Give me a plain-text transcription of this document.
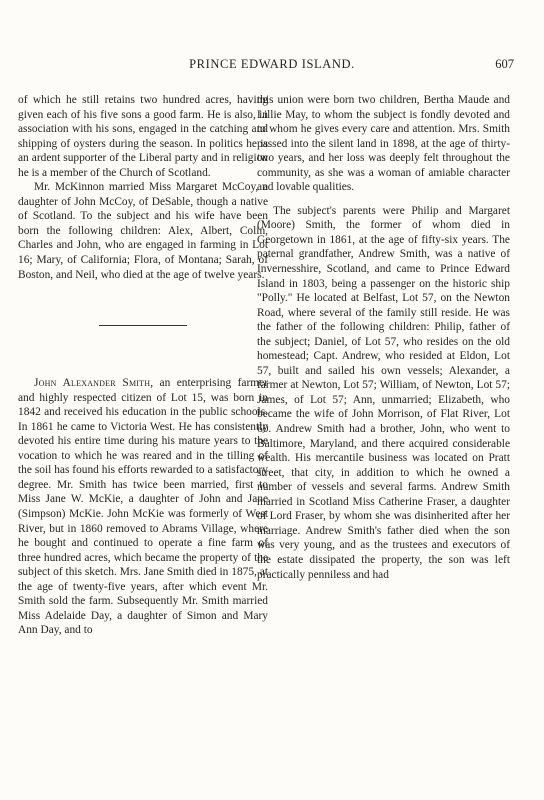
PRINCE EDWARD ISLAND.	607

of which he still retains two hundred acres, having given each of his five sons a good farm. He is also, in association with his sons, engaged in the catching and shipping of oysters during the season. In politics he is an ardent supporter of the Liberal party and in religion he is a member of the Church of Scotland.

Mr. McKinnon married Miss Margaret McCoy, a daughter of John McCoy, of DeSable, though a native of Scotland. To the subject and his wife have been born the following children: Alex, Albert, Colin, Charles and John, who are engaged in farming in Lot 16; Mary, of California; Flora, of Montana; Sarah, of Boston, and Neil, who died at the age of twelve years.

John Alexander Smith, an enterprising farmer and highly respected citizen of Lot 15, was born in 1842 and received his education in the public schools. In 1861 he came to Victoria West. He has consistently devoted his entire time during his mature years to the vocation to which he was reared and in the tilling of the soil has found his efforts rewarded to a satisfactory degree. Mr. Smith has twice been married, first to Miss Jane W. McKie, a daughter of John and Jane (Simpson) McKie. John McKie was formerly of West River, but in 1860 removed to Abrams Village, where he bought and continued to operate a fine farm of three hundred acres, which became the property of the subject of this sketch. Mrs. Jane Smith died in 1875, at the age of twenty-five years, after which event Mr. Smith sold the farm. Subsequently Mr. Smith married Miss Adelaide Day, a daughter of Simon and Mary Ann Day, and to

this union were born two children, Bertha Maude and Lillie May, to whom the subject is fondly devoted and to whom he gives every care and attention. Mrs. Smith passed into the silent land in 1898, at the age of thirty-two years, and her loss was deeply felt throughout the community, as she was a woman of amiable character and lovable qualities.

The subject's parents were Philip and Margaret (Moore) Smith, the former of whom died in Georgetown in 1861, at the age of fifty-six years. The paternal grandfather, Andrew Smith, was a native of Invernesshire, Scotland, and came to Prince Edward Island in 1803, being a passenger on the historic ship "Polly." He located at Belfast, Lot 57, on the Newton Road, where several of the family still reside. He was the father of the following children: Philip, father of the subject; Daniel, of Lot 57, who resides on the old homestead; Capt. Andrew, who resided at Eldon, Lot 57, built and sailed his own vessels; Alexander, a farmer at Newton, Lot 57; William, of Newton, Lot 57; James, of Lot 57; Ann, unmarried; Elizabeth, who became the wife of John Morrison, of Flat River, Lot 60. Andrew Smith had a brother, John, who went to Baltimore, Maryland, and there acquired considerable wealth. His mercantile business was located on Pratt street, that city, in addition to which he owned a number of vessels and several farms. Andrew Smith married in Scotland Miss Catherine Fraser, a daughter of Lord Fraser, by whom she was disinherited after her marriage. Andrew Smith's father died when the son was very young, and as the trustees and executors of the estate dissipated the property, the son was left practically penniless and had
